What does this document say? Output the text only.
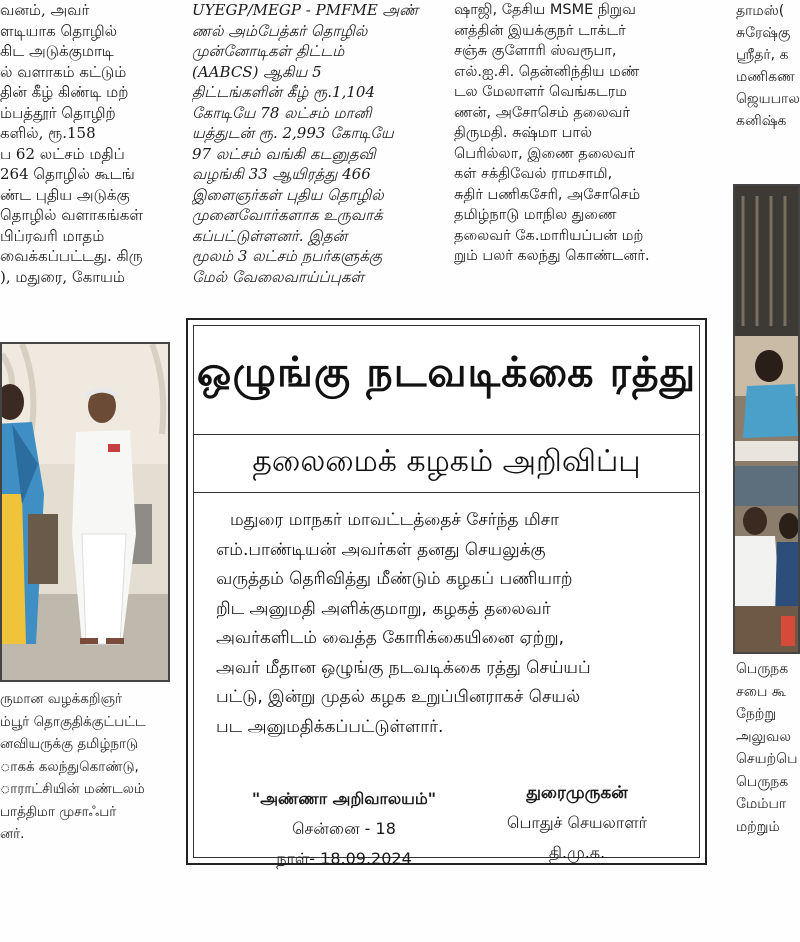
வனம்‌, அவர்‌
ளடியாக தொழில்
கிட அடுக்குமாடி
ல் வளாகம் கட்டும்
தின் கீழ் கிண்டி மற்
ம்பத்தூர் தொழிற்
களில், ரூ.158
ப 62 லட்சம் மதிப்
264 தொழில் கூடங்
ண்ட புதிய அடுக்கு
தொழில் வளாகங்கள்
பிப்ரவரி மாதம்
வைக்கப்பட்டது. கிரு
), மதுரை, கோயம்
UYEGP/MEGP - PMFME அண்
ணல் அம்பேத்கர் தொழில்
முன்னோடிகள் திட்டம்
(AABCS) ஆகிய 5
திட்டங்களின் கீழ் ரூ.1,104
கோடியே 78 லட்சம் மானி
யத்துடன் ரூ. 2,993 கோடியே
97 லட்சம் வங்கி கடனுதவி
வழங்கி 33 ஆயிரத்து 466
இளைஞர்கள் புதிய தொழில்
முனைவோர்களாக உருவாக்
கப்பட்டுள்ளனர். இதன்
மூலம் 3 லட்சம் நபர்களுக்கு
மேல் வேலைவாய்ப்புகள்
ஷாஜி, தேசிய MSME நிறுவ
னத்தின் இயக்குநர் டாக்டர்
சஞ்சு குளோரி ஸ்வரூபா,
எல்.ஐ.சி. தென்னிந்திய மண்
டல மேலாளர் வெங்கடரம
ணன், அசோசெம் தலைவர்
திருமதி. சுஷ்மா பால்
பெரில்லா, இணை தலைவர்
கள் சக்திவேல் ராமசாமி,
சுதிர் பணிகசேரி, அசோசெம்
தமிழ்நாடு மாநில துணை
தலைவர் கே.மாரியப்பன் மற்
றும் பலர் கலந்து கொண்டனர்.
தாமஸ்(
சுரேஷ்கு
ஸ்ரீதர், க
மணிகண
ஜெயபால
கனிஷ்க
ருமான வழக்கறிஞர்
ம்பூர் தொகுதிக்குட்பட்ட
னவியருக்கு தமிழ்நாடு
ாகக் கலந்துகொண்டு,
ாராட்சியின் மண்டலம்
பாத்திமா முசாஃபர்
னர்.
பெருநக
சபை கூ
நேற்று
அலுவல
செயற்பெ
பெருநக
மேம்பா
மற்றும்
ஒழுங்கு நடவடிக்கை ரத்து
தலைமைக் கழகம் அறிவிப்பு
மதுரை மாநகர் மாவட்டத்தைச் சேர்ந்த மிசா
எம்.பாண்டியன் அவர்கள் தனது செயலுக்கு
வருத்தம் தெரிவித்து மீண்டும் கழகப் பணியாற்
றிட அனுமதி அளிக்குமாறு, கழகத் தலைவர்
அவர்களிடம் வைத்த கோரிக்கையினை ஏற்று,
அவர் மீதான ஒழுங்கு நடவடிக்கை ரத்து செய்யப்
பட்டு, இன்று முதல் கழக உறுப்பினராகச் செயல்
பட அனுமதிக்கப்பட்டுள்ளார்.
"அண்ணா அறிவாலயம்"
சென்னை - 18
நாள்- 18.09.2024
துரைமுருகன்
பொதுச் செயலாளர்
தி.மு.க.
